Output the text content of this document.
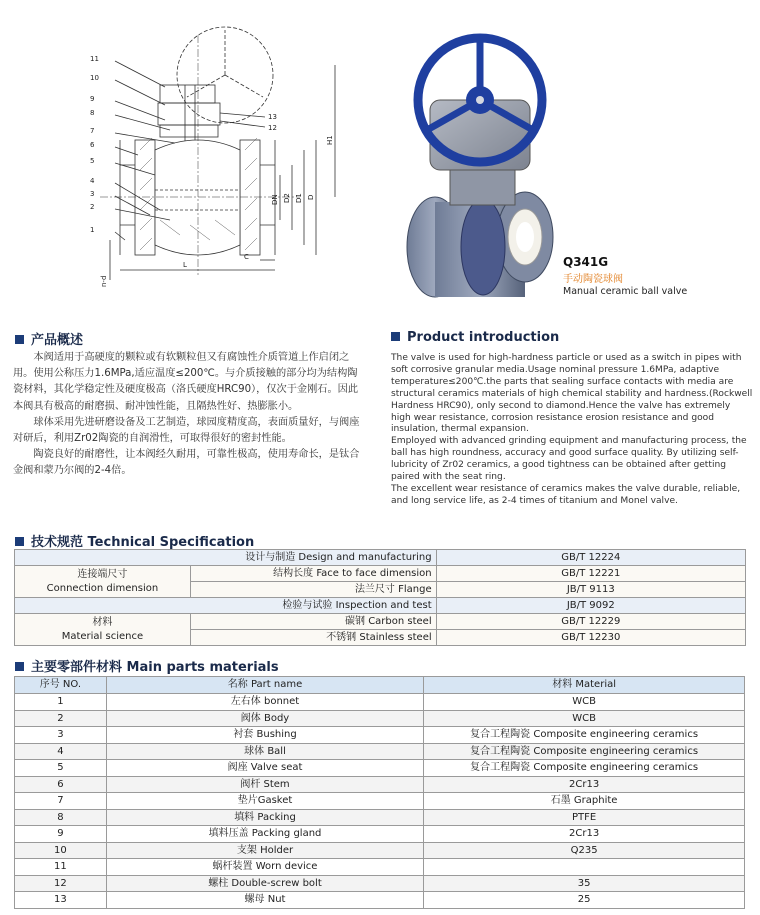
11
10
9
8
7
6
5
4
3
2
1
13
12
H1
DN D2 D1 D
C
L
n-d
Q341G
手动陶瓷球阀
Manual ceramic ball valve
产品概述

本阀适用于高硬度的颗粒或有软颗粒但又有腐蚀性介质管道上作启闭之用。使用公称压力1.6MPa,适应温度≤200℃。与介质接触的部分均为结构陶瓷材料，其化学稳定性及硬度极高（洛氏硬度HRC90），仅次于金刚石。因此本阀具有极高的耐磨损、耐冲蚀性能，且隔热性好、热膨胀小。

球体采用先进研磨设备及工艺制造，球园度精度高，表面质量好，与阀座对研后，利用Zr02陶瓷的自润滑性，可取得很好的密封性能。

陶瓷良好的耐磨性，让本阀经久耐用，可靠性极高，使用寿命长，是钛合金阀和蒙乃尔阀的2-4倍。

Product introduction

The valve is used for high-hardness particle or used as a switch in pipes with soft corrosive granular media.Usage nominal pressure 1.6MPa, adaptive temperature≤200℃.the parts that sealing surface contacts with media are structural ceramics materials of high chemical stability and hardness.(Rockwell Hardness HRC90), only second to diamond.Hence the valve has extremely high wear resistance, corrosion resistance erosion resistance and good insulation, thermal expansion.

Employed with advanced grinding equipment and manufacturing process, the ball has high roundness, accuracy and good surface quality. By utilizing self- lubricity of Zr02 ceramics, a good tightness can be obtained after getting paired with the seat ring.

The excellent wear resistance of ceramics makes the valve durable, reliable, and long service life, as 2-4 times of titanium and Monel valve.

技术规范 Technical Specification
设计与制造 Design and manufacturing		GB/T 12224

连接端尺寸
Connection dimension	结构长度 Face to face dimension	GB/T 12221
	法兰尺寸 Flange	JB/T 9113
检验与试验 Inspection and test		JB/T 9092

材料
Material science	碳钢 Carbon steel	GB/T 12229
	不锈钢 Stainless steel	GB/T 12230
主要零部件材料 Main parts materials
序号 NO.	名称 Part name	材料 Material
1	左右体 bonnet	WCB
2	阀体 Body	WCB
3	衬套 Bushing	复合工程陶瓷 Composite engineering ceramics
4	球体 Ball	复合工程陶瓷 Composite engineering ceramics
5	阀座 Valve seat	复合工程陶瓷 Composite engineering ceramics
6	阀杆 Stem	2Cr13
7	垫片Gasket	石墨 Graphite
8	填料 Packing	PTFE
9	填料压盖 Packing gland	2Cr13
10	支架 Holder	Q235
11	蜗杆装置 Worn device	
12	螺柱 Double-screw bolt	35
13	螺母 Nut	25
